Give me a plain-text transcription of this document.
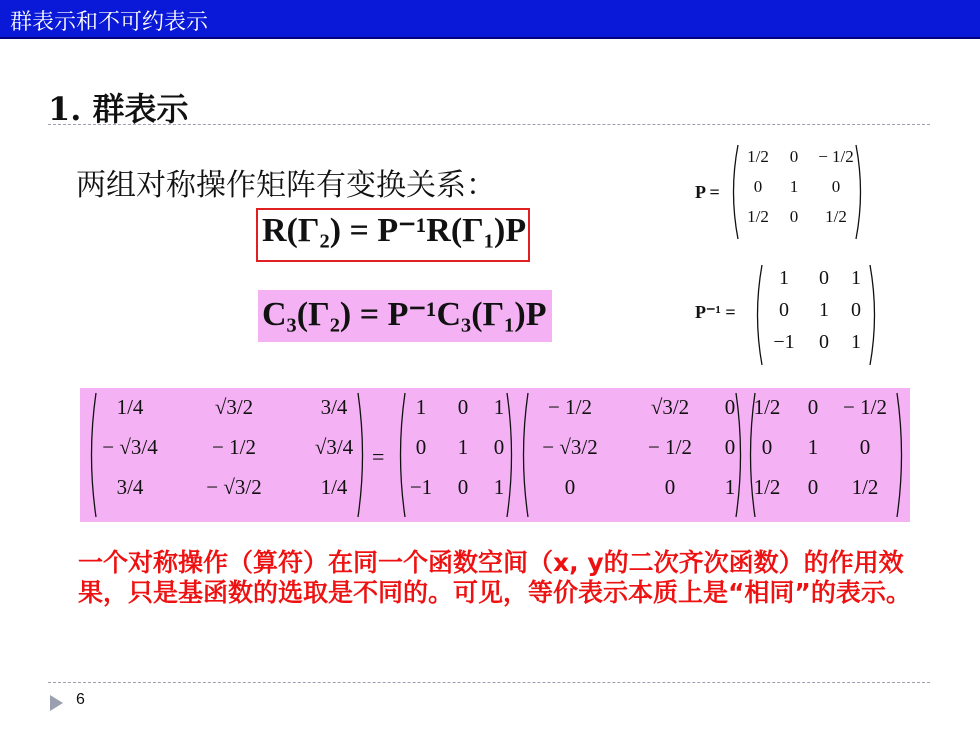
群表示和不可约表示
1. 群表示
两组对称操作矩阵有变换关系：
R(Γ₂) = P⁻¹R(Γ₁)P
C₃(Γ₂) = P⁻¹C₃(Γ₁)P
P =
1/2	0	− 1/2
0	1	0
1/2	0	1/2
P⁻¹ =
1	0	1
0	1	0
−1	0	1
1/4	√3/2	3/4
− √3/4	− 1/2	√3/4
3/4	− √3/2	1/4
=
1	0	1
0	1	0
−1	0	1
− 1/2	√3/2	0
− √3/2	− 1/2	0
0	0	1
1/2	0	− 1/2
0	1	0
1/2	0	1/2
一个对称操作（算符）在同一个函数空间（x, y的二次齐次函数）的作用效果，只是基函数的选取是不同的。可见，等价表示本质上是“相同”的表示。
6
